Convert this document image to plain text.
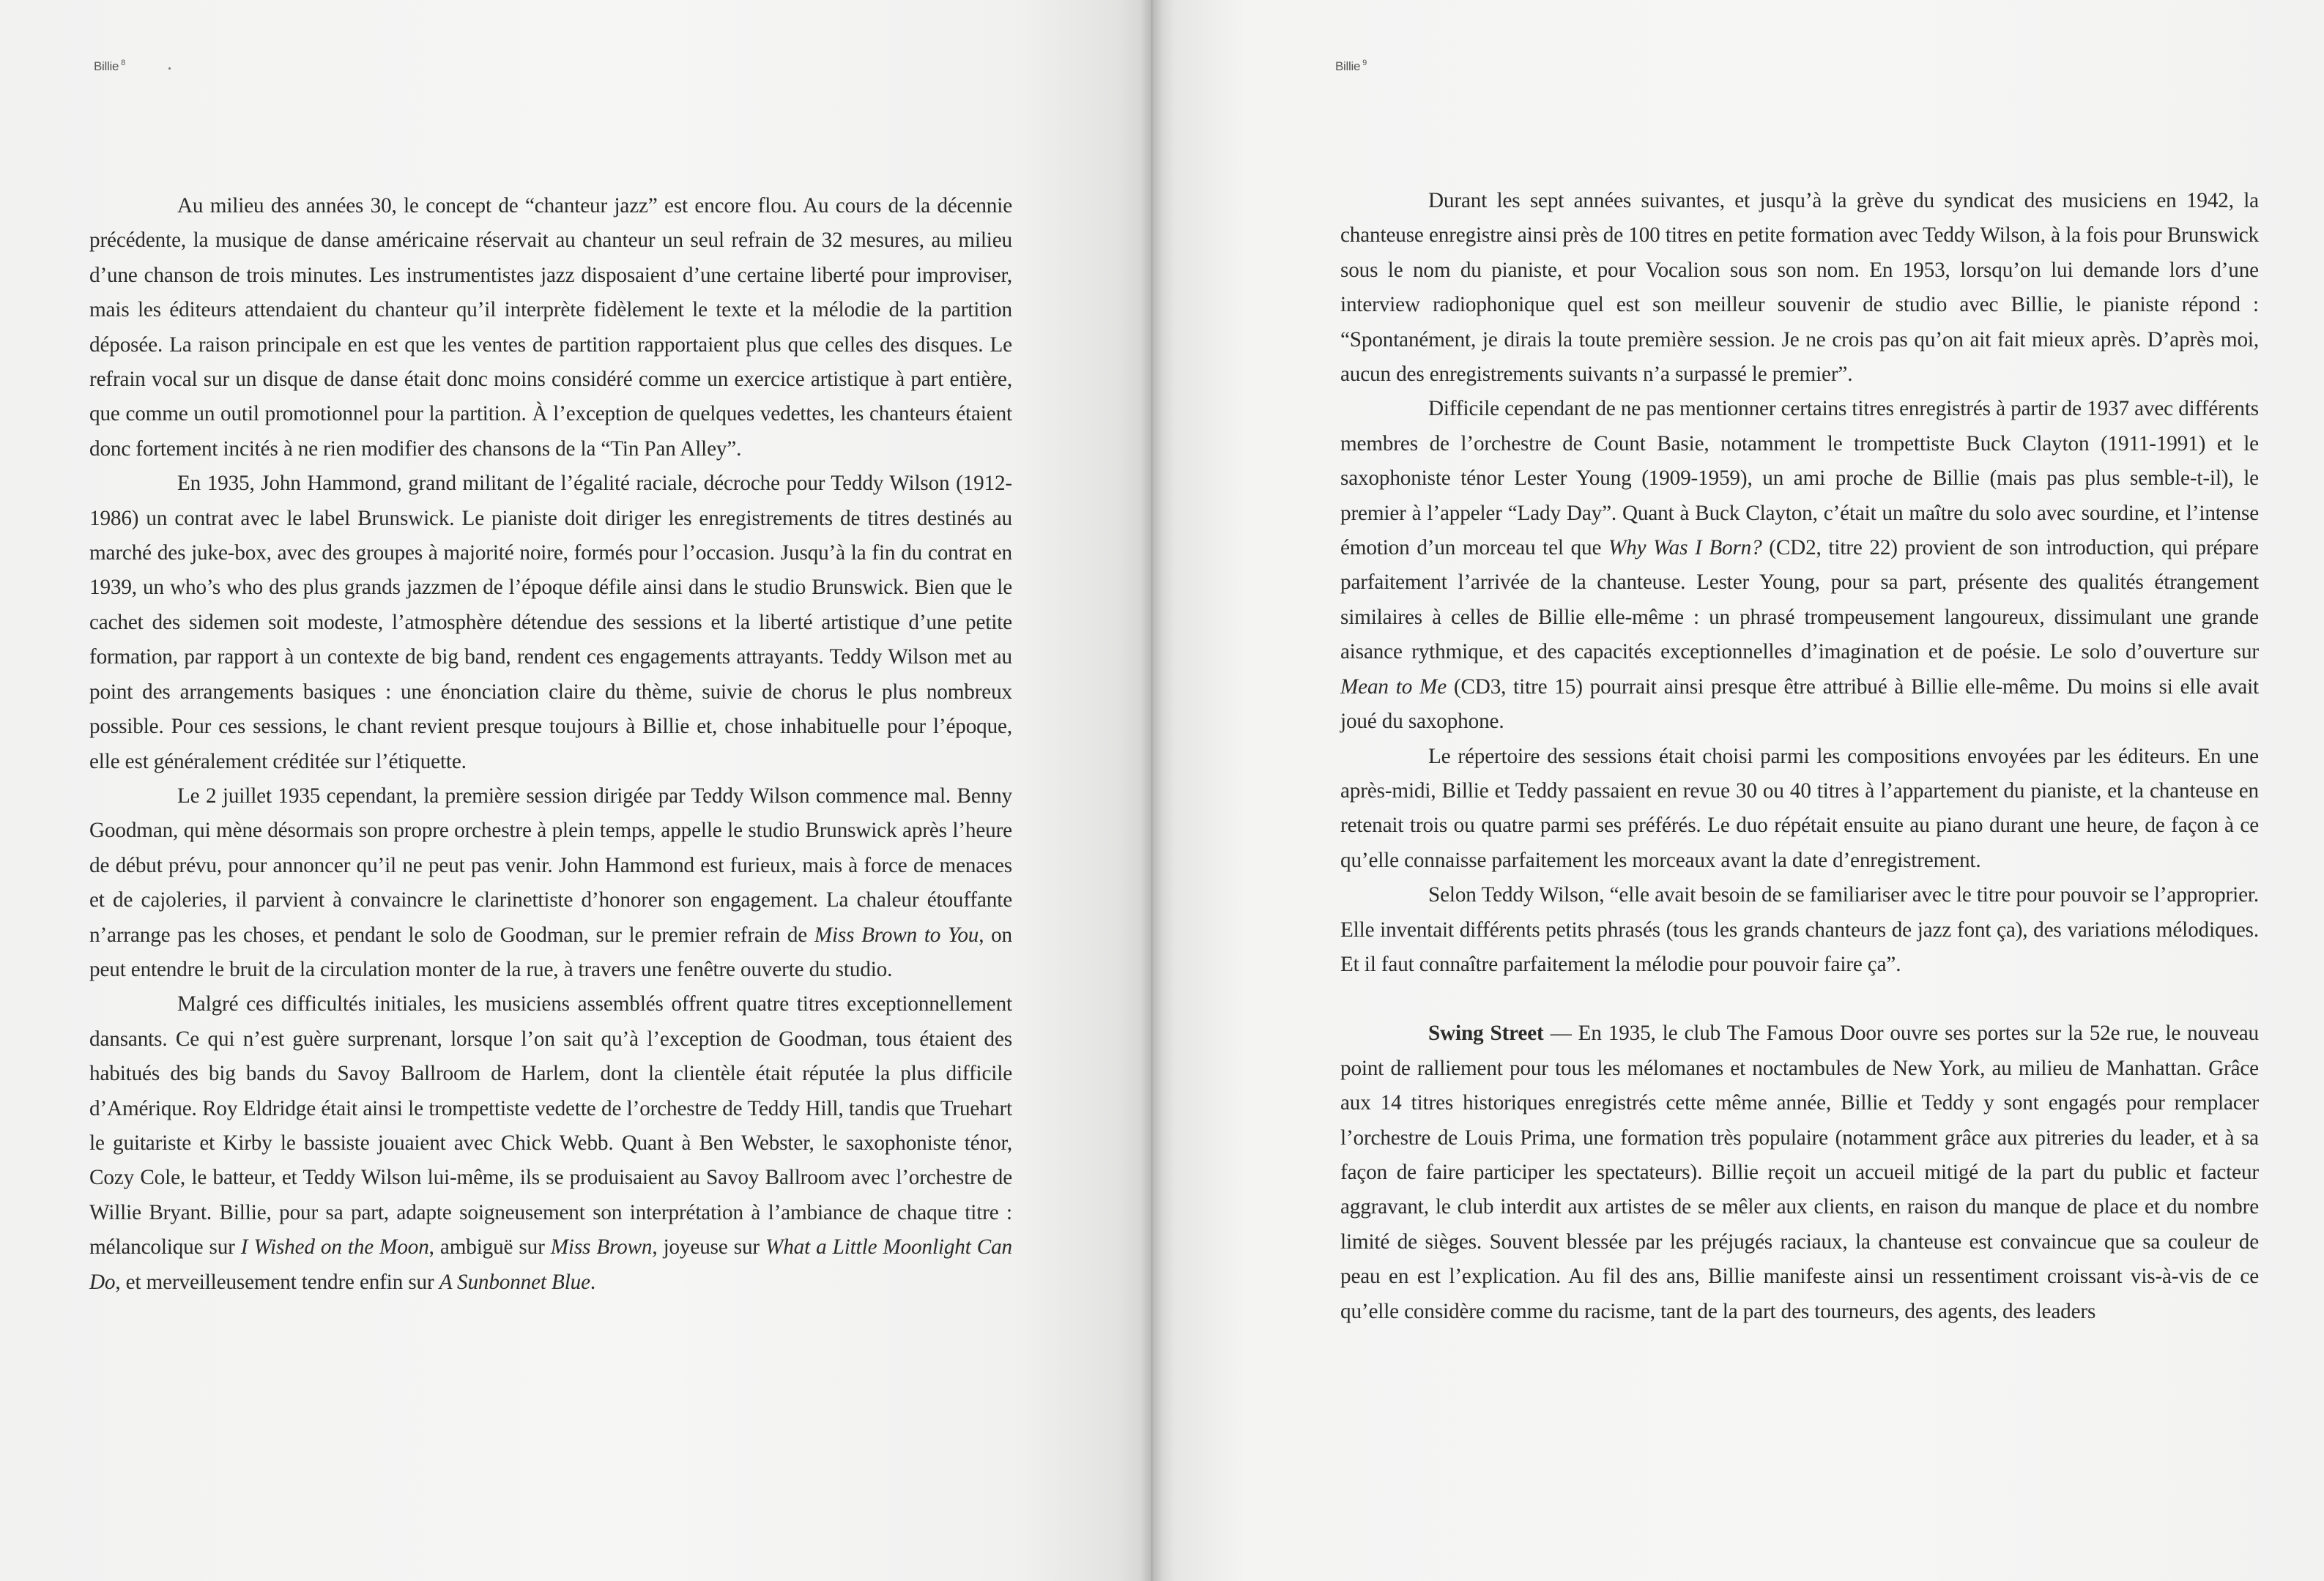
Billie $^8$

Au milieu des années 30, le concept de “chanteur jazz” est encore flou. Au cours de la décennie précédente, la musique de danse américaine réservait au chanteur un seul refrain de 32 mesures, au milieu d’une chanson de trois minutes. Les instrumentistes jazz disposaient d’une certaine liberté pour improviser, mais les éditeurs attendaient du chanteur qu’il interprète fidèlement le texte et la mélodie de la partition déposée. La raison principale en est que les ventes de partition rapportaient plus que celles des disques. Le refrain vocal sur un disque de danse était donc moins considéré comme un exercice artistique à part entière, que comme un outil promotionnel pour la partition. À l’exception de quelques vedettes, les chanteurs étaient donc fortement incités à ne rien modifier des chansons de la “Tin Pan Alley”.

En 1935, John Hammond, grand militant de l’égalité raciale, décroche pour Teddy Wilson (1912-1986) un contrat avec le label Brunswick. Le pianiste doit diriger les enregistrements de titres destinés au marché des juke-box, avec des groupes à majorité noire, formés pour l’occasion. Jusqu’à la fin du contrat en 1939, un who’s who des plus grands jazzmen de l’époque défile ainsi dans le studio Brunswick. Bien que le cachet des sidemen soit modeste, l’atmosphère détendue des sessions et la liberté artistique d’une petite formation, par rapport à un contexte de big band, rendent ces engagements attrayants. Teddy Wilson met au point des arrangements basiques : une énonciation claire du thème, suivie de chorus le plus nombreux possible. Pour ces sessions, le chant revient presque toujours à Billie et, chose inhabituelle pour l’époque, elle est généralement créditée sur l’étiquette.

Le 2 juillet 1935 cependant, la première session dirigée par Teddy Wilson commence mal. Benny Goodman, qui mène désormais son propre orchestre à plein temps, appelle le studio Brunswick après l’heure de début prévu, pour annoncer qu’il ne peut pas venir. John Hammond est furieux, mais à force de menaces et de cajoleries, il parvient à convaincre le clarinettiste d’honorer son engagement. La chaleur étouffante n’arrange pas les choses, et pendant le solo de Goodman, sur le premier refrain de Miss Brown to You, on peut entendre le bruit de la circulation monter de la rue, à travers une fenêtre ouverte du studio.

Malgré ces difficultés initiales, les musiciens assemblés offrent quatre titres exceptionnellement dansants. Ce qui n’est guère surprenant, lorsque l’on sait qu’à l’exception de Goodman, tous étaient des habitués des big bands du Savoy Ballroom de Harlem, dont la clientèle était réputée la plus difficile d’Amérique. Roy Eldridge était ainsi le trompettiste vedette de l’orchestre de Teddy Hill, tandis que Truehart le guitariste et Kirby le bassiste jouaient avec Chick Webb. Quant à Ben Webster, le saxophoniste ténor, Cozy Cole, le batteur, et Teddy Wilson lui-même, ils se produisaient au Savoy Ballroom avec l’orchestre de Willie Bryant. Billie, pour sa part, adapte soigneusement son interprétation à l’ambiance de chaque titre : mélancolique sur I Wished on the Moon, ambiguë sur Miss Brown, joyeuse sur What a Little Moonlight Can Do, et merveilleusement tendre enfin sur A Sunbonnet Blue.

Billie $^9$

Durant les sept années suivantes, et jusqu’à la grève du syndicat des musiciens en 1942, la chanteuse enregistre ainsi près de 100 titres en petite formation avec Teddy Wilson, à la fois pour Brunswick sous le nom du pianiste, et pour Vocalion sous son nom. En 1953, lorsqu’on lui demande lors d’une interview radiophonique quel est son meilleur souvenir de studio avec Billie, le pianiste répond : “Spontanément, je dirais la toute première session. Je ne crois pas qu’on ait fait mieux après. D’après moi, aucun des enregistrements suivants n’a surpassé le premier”.

Difficile cependant de ne pas mentionner certains titres enregistrés à partir de 1937 avec différents membres de l’orchestre de Count Basie, notamment le trompettiste Buck Clayton (1911-1991) et le saxophoniste ténor Lester Young (1909-1959), un ami proche de Billie (mais pas plus semble-t-il), le premier à l’appeler “Lady Day”. Quant à Buck Clayton, c’était un maître du solo avec sourdine, et l’intense émotion d’un morceau tel que Why Was I Born? (CD2, titre 22) provient de son introduction, qui prépare parfaitement l’arrivée de la chanteuse. Lester Young, pour sa part, présente des qualités étrangement similaires à celles de Billie elle-même : un phrasé trompeusement langoureux, dissimulant une grande aisance rythmique, et des capacités exceptionnelles d’imagination et de poésie. Le solo d’ouverture sur Mean to Me (CD3, titre 15) pourrait ainsi presque être attribué à Billie elle-même. Du moins si elle avait joué du saxophone.

Le répertoire des sessions était choisi parmi les compositions envoyées par les éditeurs. En une après-midi, Billie et Teddy passaient en revue 30 ou 40 titres à l’appartement du pianiste, et la chanteuse en retenait trois ou quatre parmi ses préférés. Le duo répétait ensuite au piano durant une heure, de façon à ce qu’elle connaisse parfaitement les morceaux avant la date d’enregistrement.

Selon Teddy Wilson, “elle avait besoin de se familiariser avec le titre pour pouvoir se l’approprier. Elle inventait différents petits phrasés (tous les grands chanteurs de jazz font ça), des variations mélodiques. Et il faut connaître parfaitement la mélodie pour pouvoir faire ça”.

Swing Street — En 1935, le club The Famous Door ouvre ses portes sur la 52e rue, le nouveau point de ralliement pour tous les mélomanes et noctambules de New York, au milieu de Manhattan. Grâce aux 14 titres historiques enregistrés cette même année, Billie et Teddy y sont engagés pour remplacer l’orchestre de Louis Prima, une formation très populaire (notamment grâce aux pitreries du leader, et à sa façon de faire participer les spectateurs). Billie reçoit un accueil mitigé de la part du public et facteur aggravant, le club interdit aux artistes de se mêler aux clients, en raison du manque de place et du nombre limité de sièges. Souvent blessée par les préjugés raciaux, la chanteuse est convaincue que sa couleur de peau en est l’explication. Au fil des ans, Billie manifeste ainsi un ressentiment croissant vis-à-vis de ce qu’elle considère comme du racisme, tant de la part des tourneurs, des agents, des leaders
